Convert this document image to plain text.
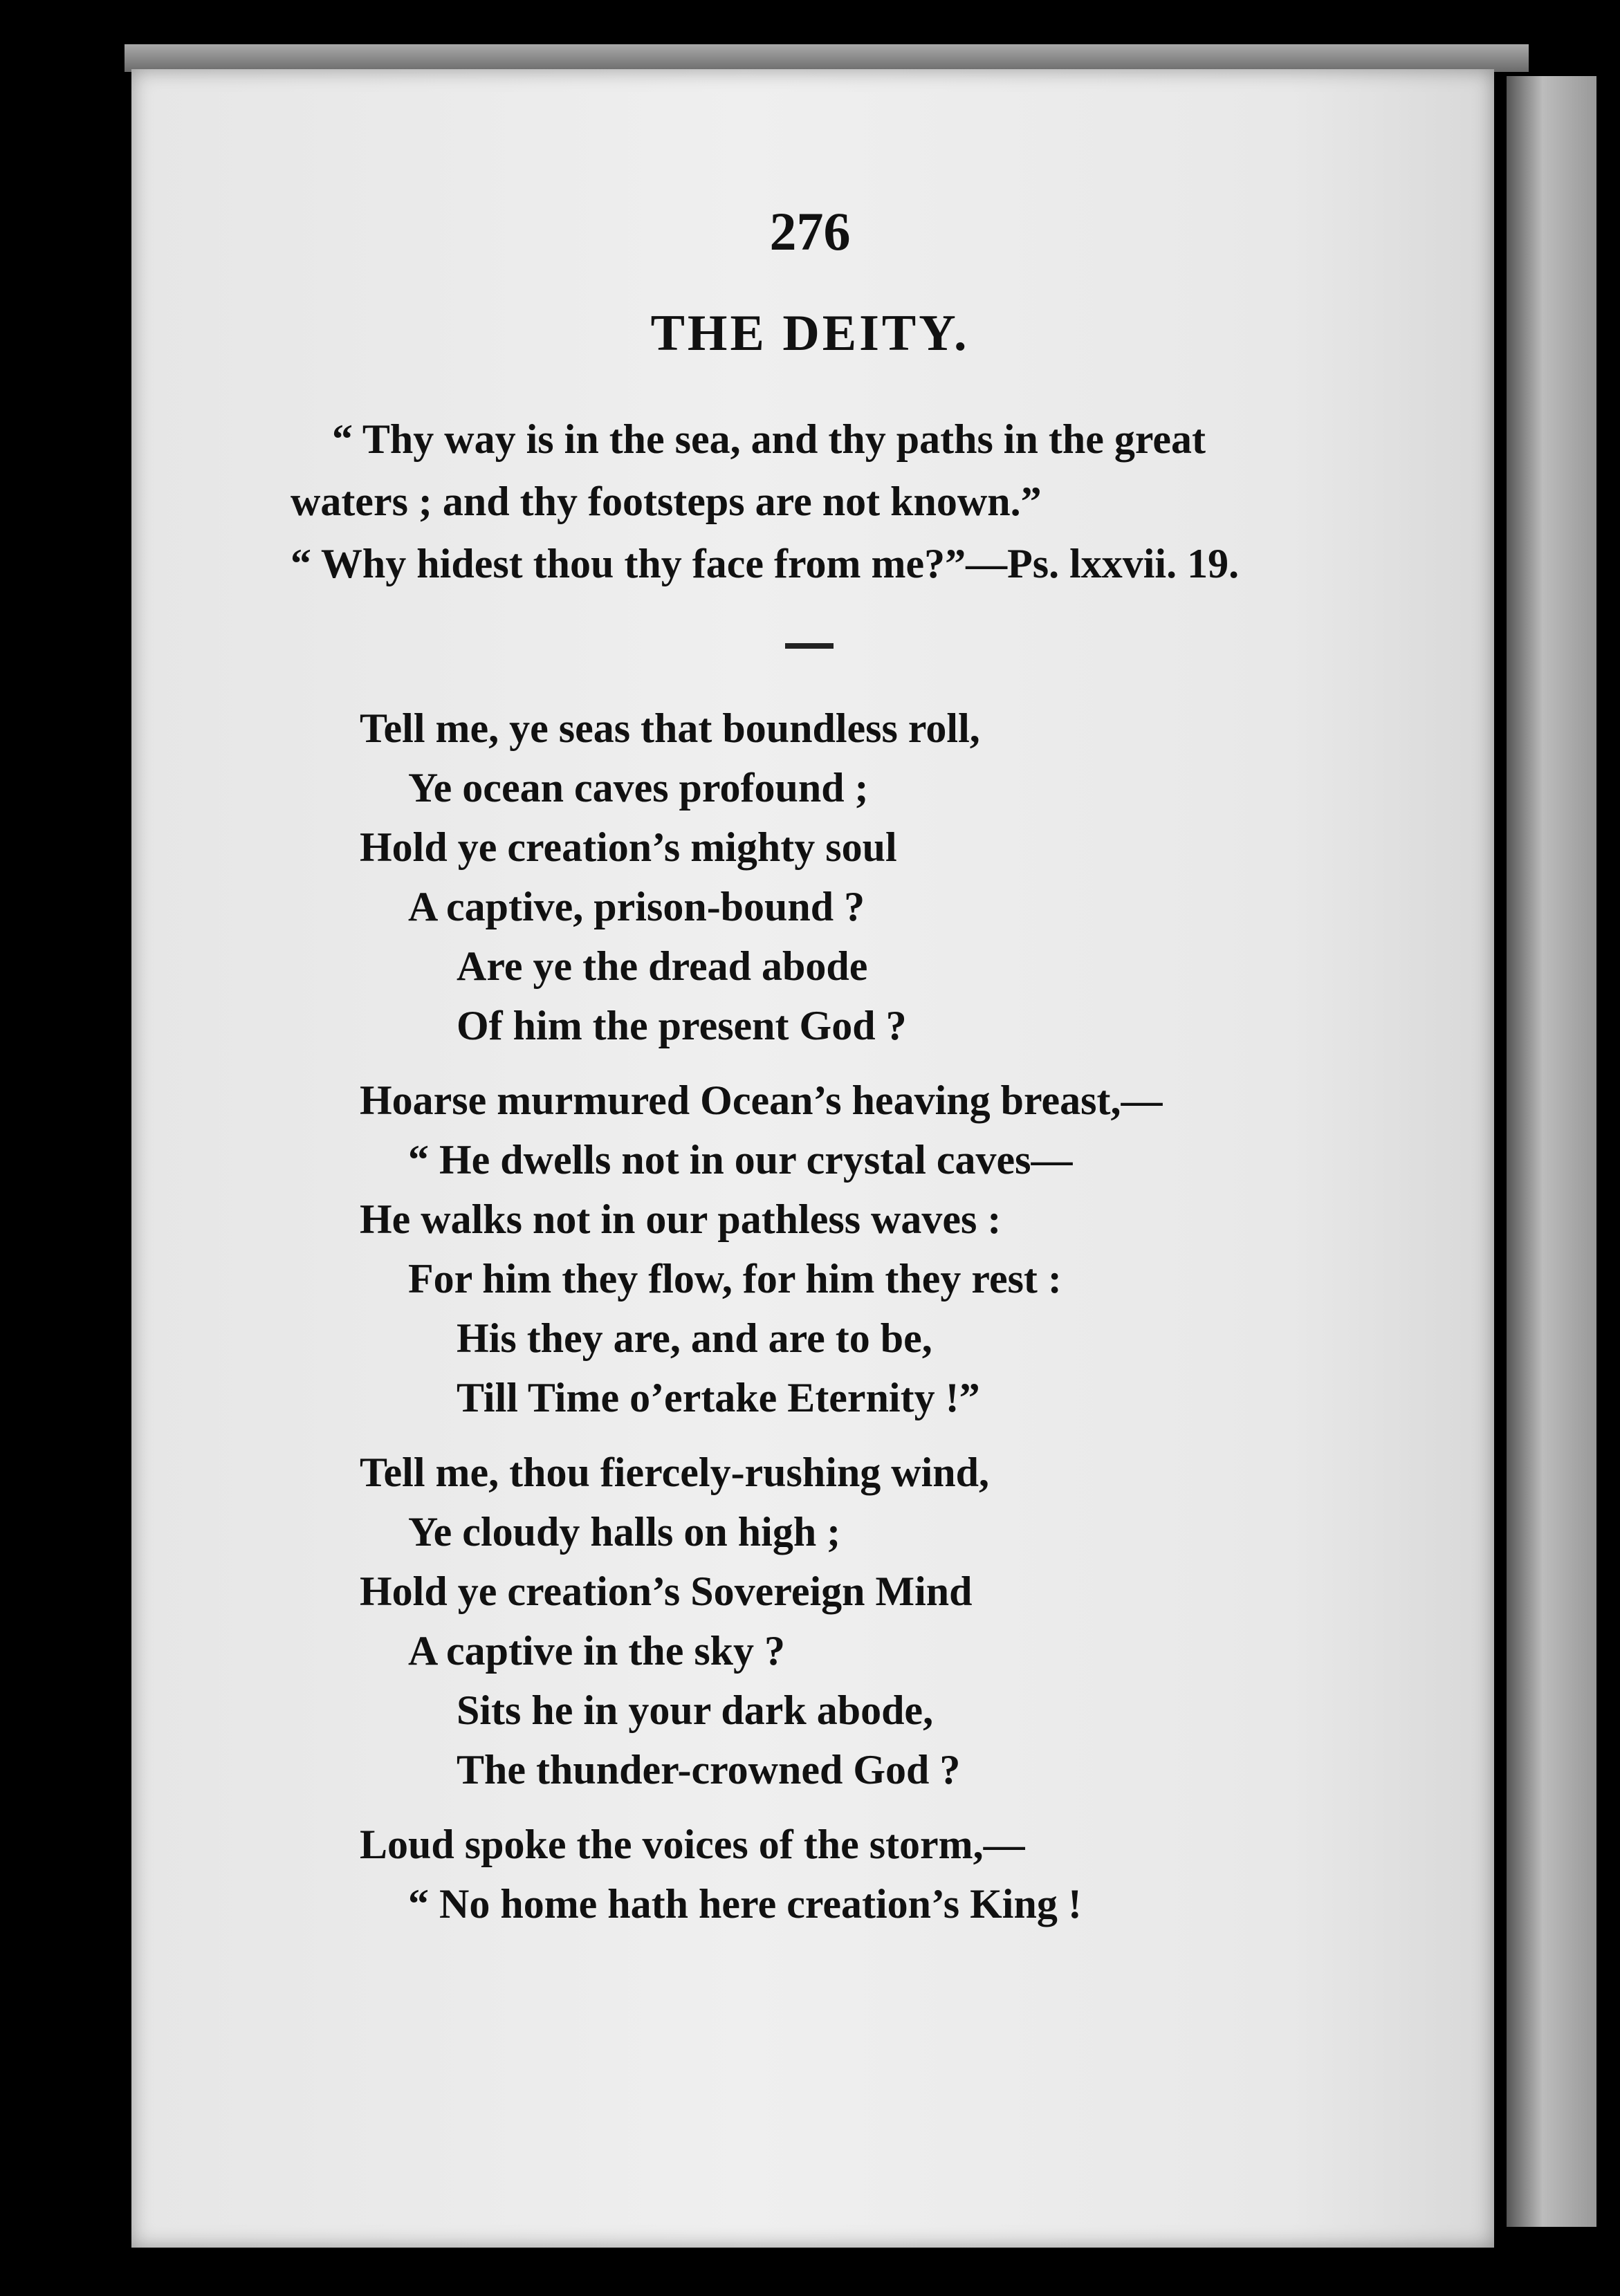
276
THE DEITY.
“ Thy way is in the sea, and thy paths in the great
waters ; and thy footsteps are not known.”
“ Why hidest thou thy face from me?”—Ps. lxxvii. 19.
Tell me, ye seas that boundless roll,
Ye ocean caves profound ;
Hold ye creation’s mighty soul
A captive, prison-bound ?
Are ye the dread abode
Of him the present God ?
Hoarse murmured Ocean’s heaving breast,—
“ He dwells not in our crystal caves—
He walks not in our pathless waves :
For him they flow, for him they rest :
His they are, and are to be,
Till Time o’ertake Eternity !”
Tell me, thou fiercely-rushing wind,
Ye cloudy halls on high ;
Hold ye creation’s Sovereign Mind
A captive in the sky ?
Sits he in your dark abode,
The thunder-crowned God ?
Loud spoke the voices of the storm,—
“ No home hath here creation’s King !
